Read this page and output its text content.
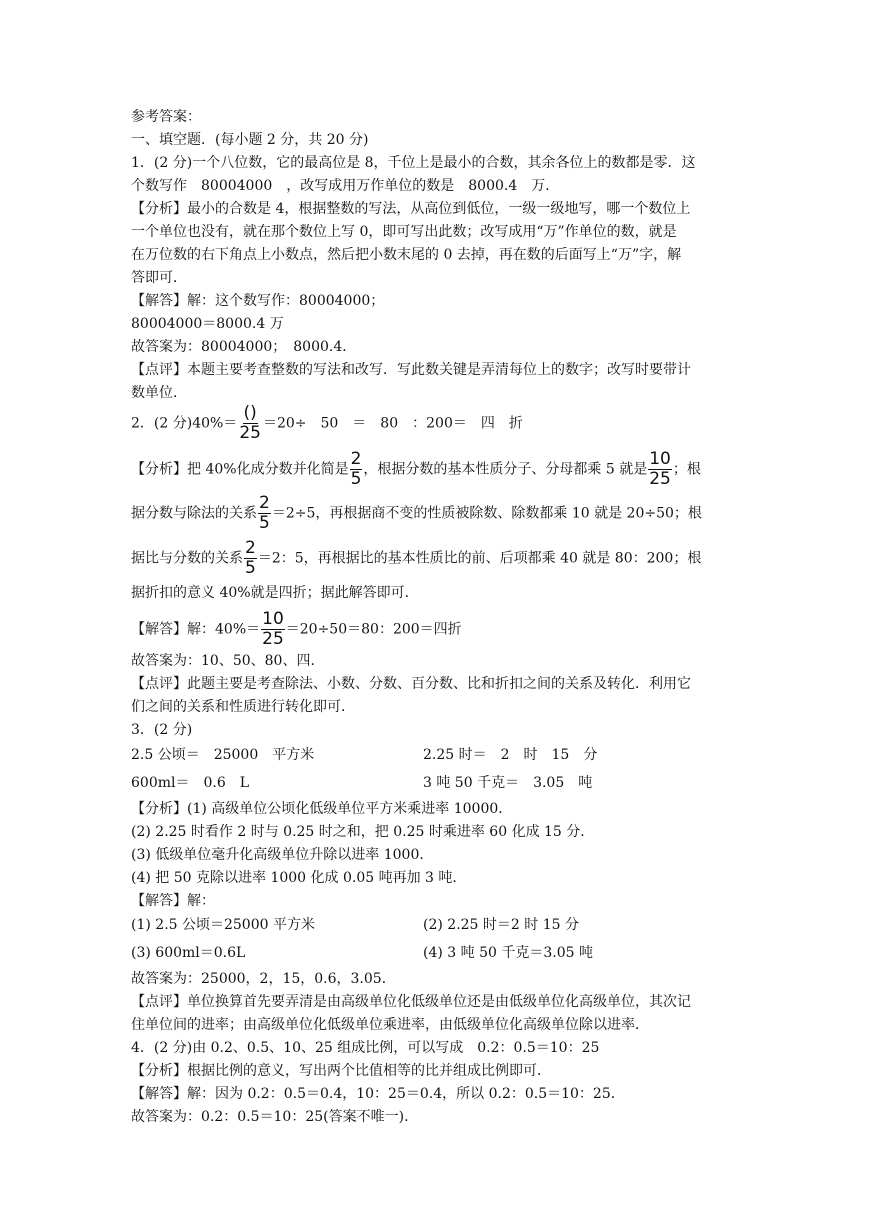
参考答案：
一、填空题．(每小题 2 分，共 20 分)
1．(2 分)一个八位数，它的最高位是 8，千位上是最小的合数，其余各位上的数都是零．这
个数写作　80004000　，改写成用万作单位的数是　8000.4　万．
【分析】最小的合数是 4，根据整数的写法，从高位到低位，一级一级地写，哪一个数位上
一个单位也没有，就在那个数位上写 0，即可写出此数；改写成用“万”作单位的数，就是
在万位数的右下角点上小数点，然后把小数末尾的 0 去掉，再在数的后面写上“万”字，解
答即可．
【解答】解：这个数写作：80004000；
80004000＝8000.4 万
故答案为：80004000；　8000.4．
【点评】本题主要考查整数的写法和改写．写此数关键是弄清每位上的数字；改写时要带计
数单位．
2．(2 分)$40\%= \frac{()}{25} =20\div$　50　＝　80　：200＝　四　折
【分析】把 40%化成分数并化简是 $\frac{2}{5}$ ，根据分数的基本性质分子、分母都乘 5 就是 $\frac{10}{25}$ ；根
据分数与除法的关系 $\frac{2}{5} =2\div 5$，再根据商不变的性质被除数、除数都乘 10 就是 20÷50；根
据比与分数的关系 $\frac{2}{5} =2$：5，再根据比的基本性质比的前、后项都乘 40 就是 80：200；根
据折扣的意义 40%就是四折；据此解答即可．
【解答】解：$40\%= \frac{10}{25} =20\div 50=80$：200＝四折
故答案为：10、50、80、四．
【点评】此题主要是考查除法、小数、分数、百分数、比和折扣之间的关系及转化．利用它
们之间的关系和性质进行转化即可．
3．(2 分)
2.5 公顷＝　25000　平方米	2.25 时＝　2　时　15　分
600ml＝　0.6　L	3 吨 50 千克＝　3.05　吨
【分析】(1) 高级单位公顷化低级单位平方米乘进率 10000．
(2) 2.25 时看作 2 时与 0.25 时之和，把 0.25 时乘进率 60 化成 15 分．
(3) 低级单位毫升化高级单位升除以进率 1000．
(4) 把 50 克除以进率 1000 化成 0.05 吨再加 3 吨．
【解答】解：
(1) 2.5 公顷＝25000 平方米	(2) 2.25 时＝2 时 15 分
(3) 600ml＝0.6L	(4) 3 吨 50 千克＝3.05 吨
故答案为：25000，2，15，0.6，3.05．
【点评】单位换算首先要弄清是由高级单位化低级单位还是由低级单位化高级单位，其次记
住单位间的进率；由高级单位化低级单位乘进率，由低级单位化高级单位除以进率．
4．(2 分)由 0.2、0.5、10、25 组成比例，可以写成　0.2：0.5＝10：25
【分析】根据比例的意义，写出两个比值相等的比并组成比例即可．
【解答】解：因为 0.2：0.5＝0.4，10：25＝0.4，所以 0.2：0.5＝10：25．
故答案为：0.2：0.5＝10：25(答案不唯一)．
